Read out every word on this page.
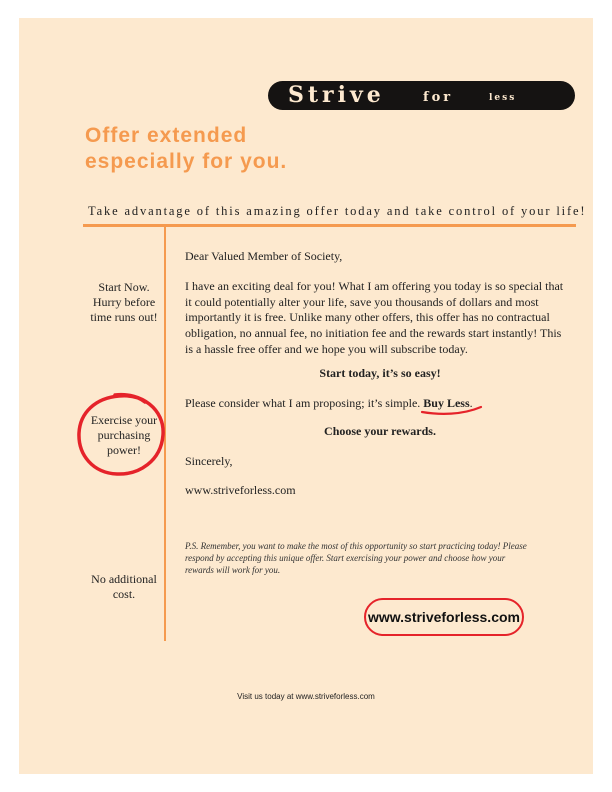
Strive	for	less
Offer extended
especially for you.
Take advantage of this amazing offer today and take control of your life!
Start Now.
Hurry before
time runs out!
Exercise your
purchasing
power!
No additional
cost.
Dear Valued Member of Society,
I have an exciting deal for you! What I am offering you today is so special that
it could potentially alter your life, save you thousands of dollars and most
importantly it is free. Unlike many other offers, this offer has no contractual
obligation, no annual fee, no initiation fee and the rewards start instantly! This
is a hassle free offer and we hope you will subscribe today.
Start today, it’s so easy!
Please consider what I am proposing; it’s simple. Buy Less.
Choose your rewards.
Sincerely,
www.striveforless.com
P.S. Remember, you want to make the most of this opportunity so start practicing today! Please
respond by accepting this unique offer. Start exercising your power and choose how your
rewards will work for you.
www.striveforless.com
Visit us today at www.striveforless.com
